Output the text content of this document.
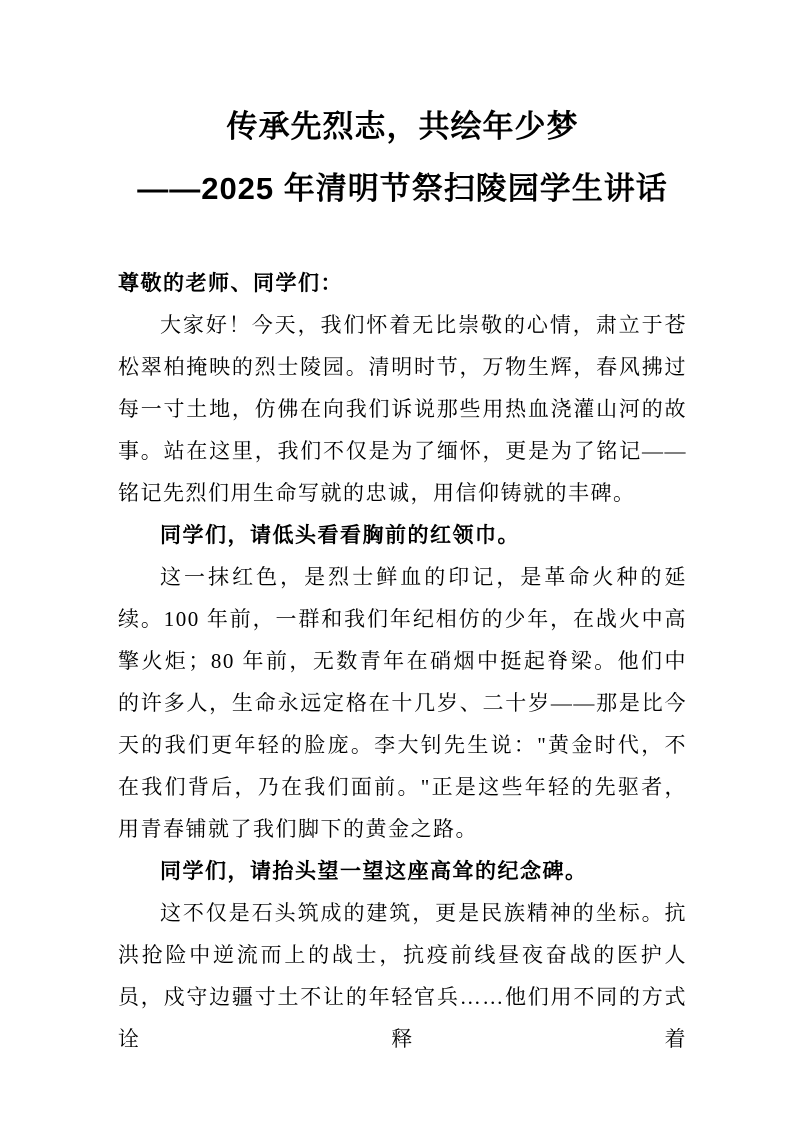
传承先烈志，共绘年少梦
——2025 年清明节祭扫陵园学生讲话

尊敬的老师、同学们：

大家好！今天，我们怀着无比崇敬的心情，肃立于苍松翠柏掩映的烈士陵园。清明时节，万物生辉，春风拂过每一寸土地，仿佛在向我们诉说那些用热血浇灌山河的故事。站在这里，我们不仅是为了缅怀，更是为了铭记——铭记先烈们用生命写就的忠诚，用信仰铸就的丰碑。

同学们，请低头看看胸前的红领巾。

这一抹红色，是烈士鲜血的印记，是革命火种的延续。100 年前，一群和我们年纪相仿的少年，在战火中高擎火炬；80 年前，无数青年在硝烟中挺起脊梁。他们中的许多人，生命永远定格在十几岁、二十岁——那是比今天的我们更年轻的脸庞。李大钊先生说："黄金时代，不在我们背后，乃在我们面前。"正是这些年轻的先驱者，用青春铺就了我们脚下的黄金之路。

同学们，请抬头望一望这座高耸的纪念碑。

这不仅是石头筑成的建筑，更是民族精神的坐标。抗洪抢险中逆流而上的战士，抗疫前线昼夜奋战的医护人员，戍守边疆寸土不让的年轻官兵……他们用不同的方式诠释着
